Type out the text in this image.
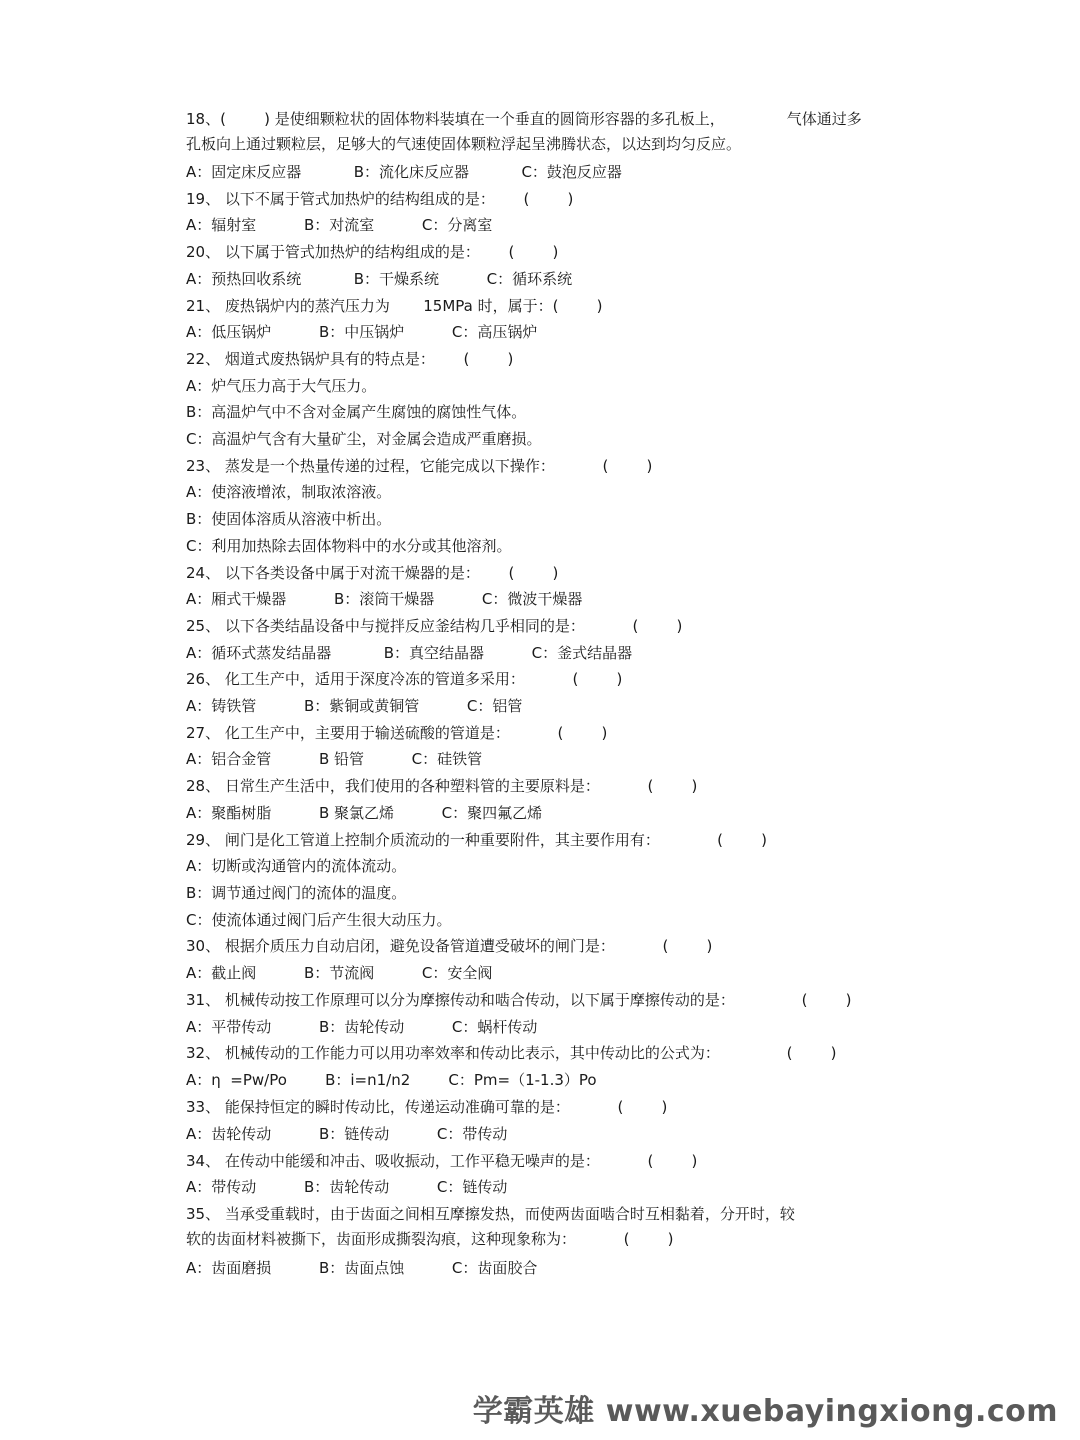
18、(        ) 是使细颗粒状的固体物料装填在一个垂直的圆筒形容器的多孔板上，             气体通过多

孔板向上通过颗粒层，足够大的气速使固体颗粒浮起呈沸腾状态，以达到均匀反应。

A：固定床反应器           B：流化床反应器           C：鼓泡反应器

19、 以下不属于管式加热炉的结构组成的是：      (        )

A：辐射室          B：对流室          C：分离室

20、 以下属于管式加热炉的结构组成的是：      (        )

A：预热回收系统           B：干燥系统          C：循环系统

21、 废热锅炉内的蒸汽压力为       15MPa 时，属于：(        )

A：低压锅炉          B：中压锅炉          C：高压锅炉

22、 烟道式废热锅炉具有的特点是：      (        )

A：炉气压力高于大气压力。

B：高温炉气中不含对金属产生腐蚀的腐蚀性气体。

C：高温炉气含有大量矿尘，对金属会造成严重磨损。

23、 蒸发是一个热量传递的过程，它能完成以下操作：          (        )

A：使溶液增浓，制取浓溶液。

B：使固体溶质从溶液中析出。

C：利用加热除去固体物料中的水分或其他溶剂。

24、 以下各类设备中属于对流干燥器的是：      (        )

A：厢式干燥器          B：滚筒干燥器          C：微波干燥器

25、 以下各类结晶设备中与搅拌反应釜结构几乎相同的是：          (        )

A：循环式蒸发结晶器           B：真空结晶器          C：釜式结晶器

26、 化工生产中，适用于深度冷冻的管道多采用：          (        )

A：铸铁管          B：紫铜或黄铜管          C：铝管

27、 化工生产中，主要用于输送硫酸的管道是：          (        )

A：铝合金管          B 铅管          C：硅铁管

28、 日常生产生活中，我们使用的各种塑料管的主要原料是：          (        )

A：聚酯树脂          B 聚氯乙烯          C：聚四氟乙烯

29、 闸门是化工管道上控制介质流动的一种重要附件，其主要作用有：            (        )

A：切断或沟通管内的流体流动。

B：调节通过阀门的流体的温度。

C：使流体通过阀门后产生很大动压力。

30、 根据介质压力自动启闭，避免设备管道遭受破坏的闸门是：          (        )

A：截止阀          B：节流阀          C：安全阀

31、 机械传动按工作原理可以分为摩擦传动和啮合传动，以下属于摩擦传动的是：              (        )

A：平带传动          B：齿轮传动          C：蜗杆传动

32、 机械传动的工作能力可以用功率效率和传动比表示，其中传动比的公式为：              (        )

A：η  =Pw/Po        B：i=n1/n2        C：Pm=（1-1.3）Po

33、 能保持恒定的瞬时传动比，传递运动准确可靠的是：          (        )

A：齿轮传动          B：链传动          C：带传动

34、 在传动中能缓和冲击、吸收振动，工作平稳无噪声的是：          (        )

A：带传动          B：齿轮传动          C：链传动

35、 当承受重载时，由于齿面之间相互摩擦发热，而使两齿面啮合时互相黏着，分开时，较

软的齿面材料被撕下，齿面形成撕裂沟痕，这种现象称为：          (        )

A：齿面磨损          B：齿面点蚀          C：齿面胶合

学霸英雄 www.xuebayingxiong.com
